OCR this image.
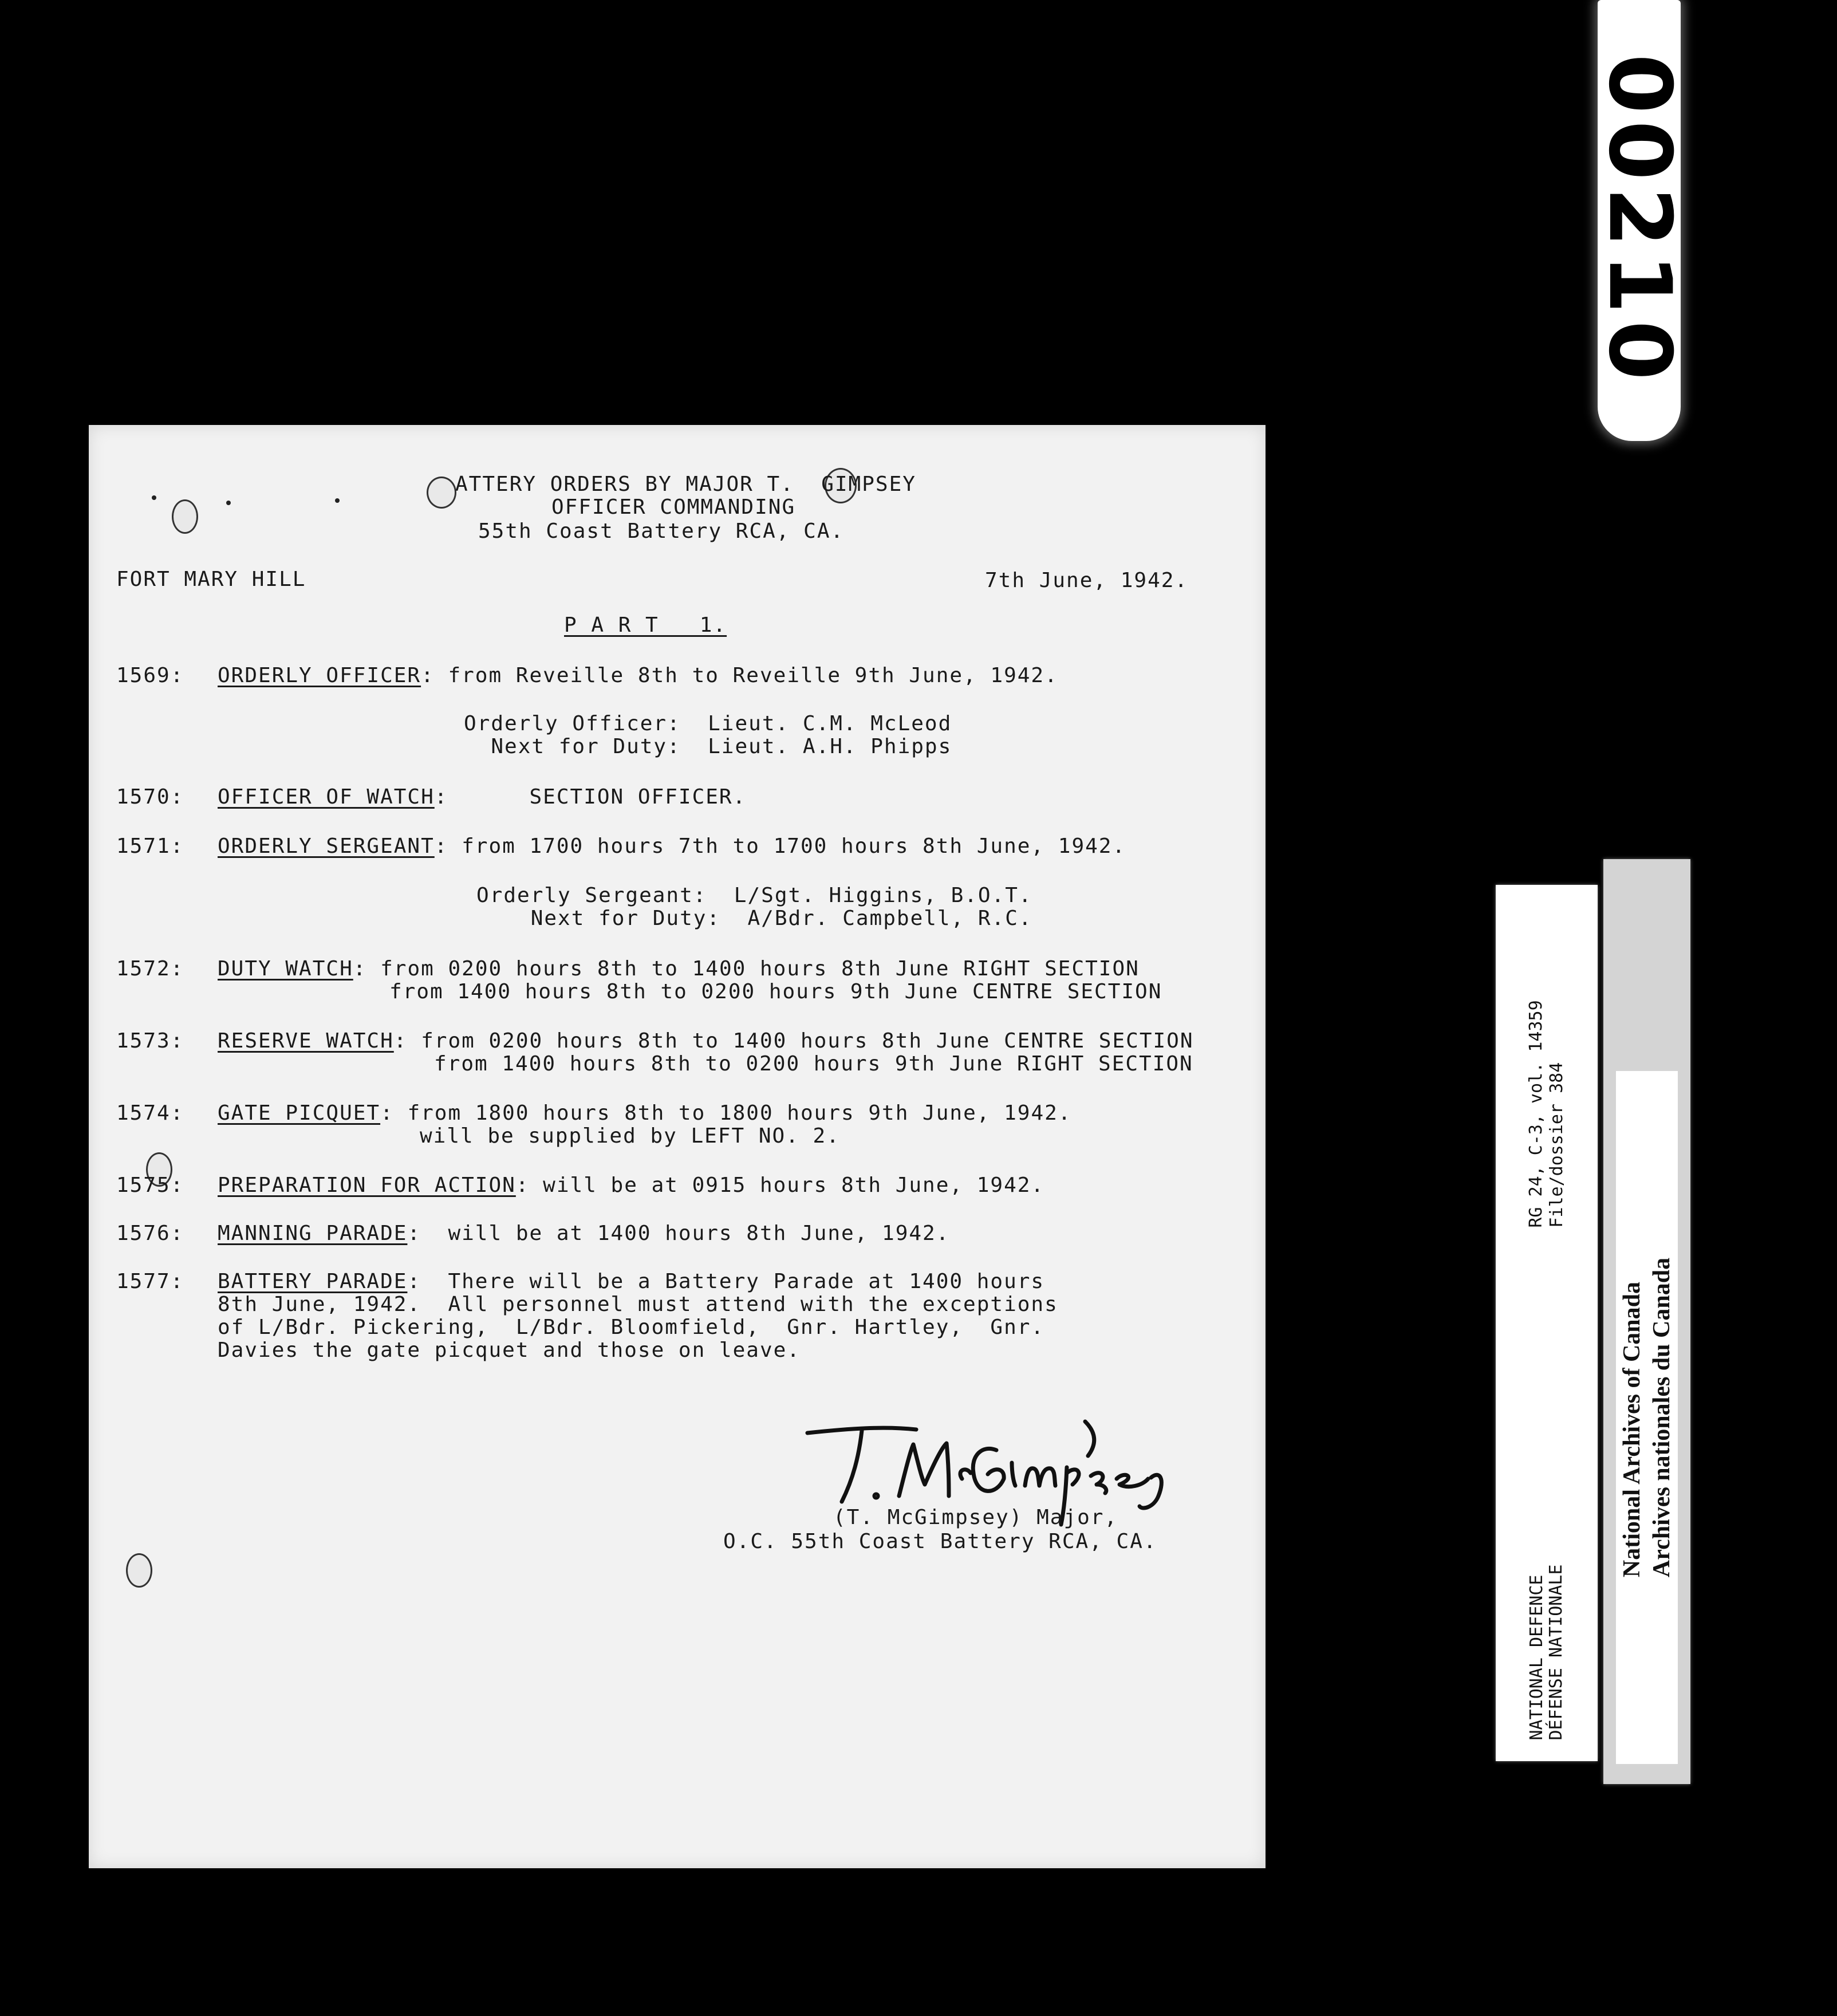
00210
ATTERY ORDERS BY MAJOR T.  GIMPSEY
OFFICER COMMANDING
55th Coast Battery RCA, CA.
FORT MARY HILL	7th June, 1942.
P A R T   1.
1569: ORDERLY OFFICER: from Reveille 8th to Reveille 9th June, 1942.
Orderly Officer:  Lieut. C.M. McLeod
Next for Duty:  Lieut. A.H. Phipps
1570: OFFICER OF WATCH:      SECTION OFFICER.
1571: ORDERLY SERGEANT: from 1700 hours 7th to 1700 hours 8th June, 1942.
Orderly Sergeant:  L/Sgt. Higgins, B.O.T.
Next for Duty:  A/Bdr. Campbell, R.C.
1572: DUTY WATCH: from 0200 hours 8th to 1400 hours 8th June RIGHT SECTION
from 1400 hours 8th to 0200 hours 9th June CENTRE SECTION
1573: RESERVE WATCH: from 0200 hours 8th to 1400 hours 8th June CENTRE SECTION
from 1400 hours 8th to 0200 hours 9th June RIGHT SECTION
1574: GATE PICQUET: from 1800 hours 8th to 1800 hours 9th June, 1942.
will be supplied by LEFT NO. 2.
1575: PREPARATION FOR ACTION: will be at 0915 hours 8th June, 1942.
1576: MANNING PARADE:  will be at 1400 hours 8th June, 1942.
1577: BATTERY PARADE:  There will be a Battery Parade at 1400 hours
8th June, 1942.  All personnel must attend with the exceptions
of L/Bdr. Pickering,  L/Bdr. Bloomfield,  Gnr. Hartley,  Gnr.
Davies the gate picquet and those on leave.
(T. McGimpsey) Major,
O.C. 55th Coast Battery RCA, CA.
RG 24, C-3, vol. 14359 File/dossier 384
NATIONAL DEFENCE DÉFENSE NATIONALE
National Archives of Canada Archives nationales du Canada
